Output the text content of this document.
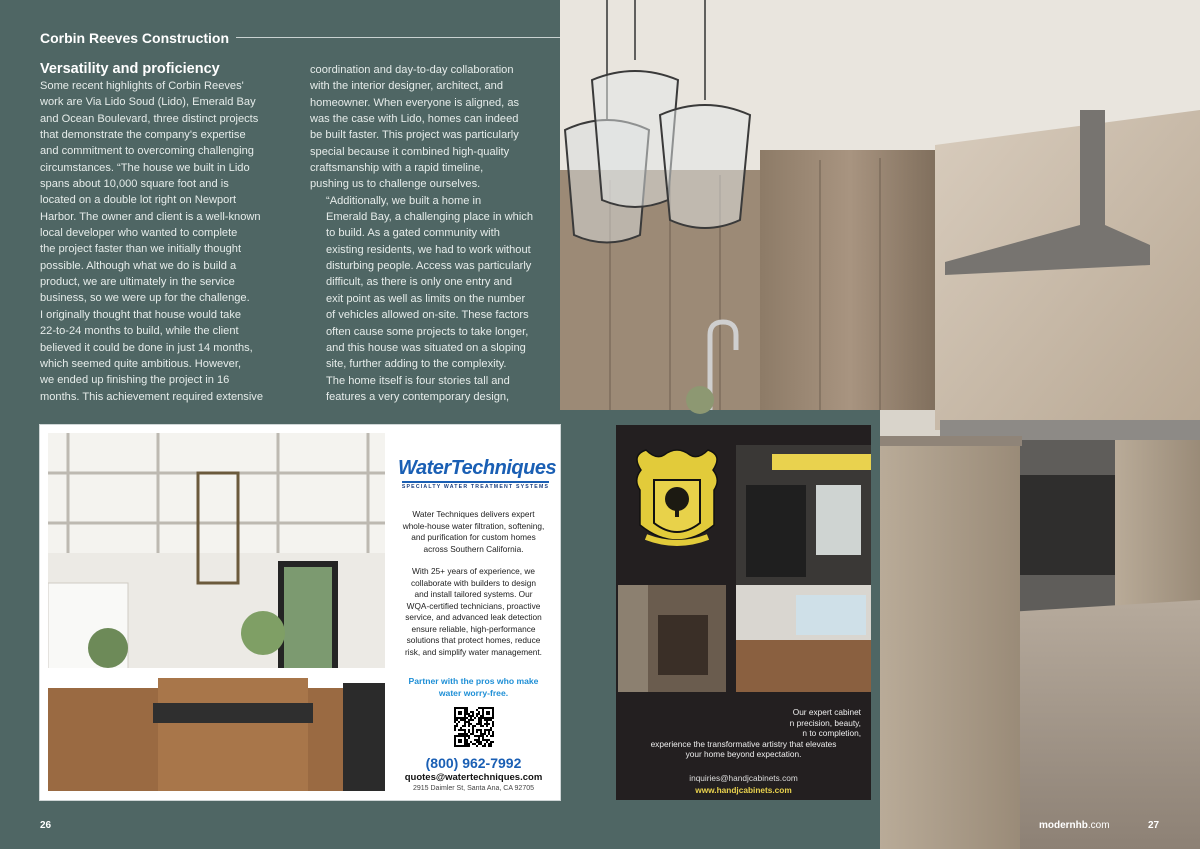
Corbin Reeves Construction
Versatility and proficiency
Some recent highlights of Corbin Reeves'
work are Via Lido Soud (Lido), Emerald Bay
and Ocean Boulevard, three distinct projects
that demonstrate the company's expertise
and commitment to overcoming challenging
circumstances. “The house we built in Lido
spans about 10,000 square foot and is
located on a double lot right on Newport
Harbor. The owner and client is a well-known
local developer who wanted to complete
the project faster than we initially thought
possible. Although what we do is build a
product, we are ultimately in the service
business, so we were up for the challenge.
I originally thought that house would take
22-to-24 months to build, while the client
believed it could be done in just 14 months,
which seemed quite ambitious. However,
we ended up finishing the project in 16
months. This achievement required extensive
coordination and day-to-day collaboration
with the interior designer, architect, and
homeowner. When everyone is aligned, as
was the case with Lido, homes can indeed
be built faster. This project was particularly
special because it combined high-quality
craftsmanship with a rapid timeline,
pushing us to challenge ourselves.
“Additionally, we built a home in
Emerald Bay, a challenging place in which
to build. As a gated community with
existing residents, we had to work without
disturbing people. Access was particularly
difficult, as there is only one entry and
exit point as well as limits on the number
of vehicles allowed on-site. These factors
often cause some projects to take longer,
and this house was situated on a sloping
site, further adding to the complexity.
The home itself is four stories tall and
features a very contemporary design,
WaterTechniques
SPECIALTY WATER TREATMENT SYSTEMS
Water Techniques delivers expert
whole-house water filtration, softening,
and purification for custom homes
across Southern California.
With 25+ years of experience, we
collaborate with builders to design
and install tailored systems. Our
WQA-certified technicians, proactive
service, and advanced leak detection
ensure reliable, high-performance
solutions that protect homes, reduce
risk, and simplify water management.
Partner with the pros who make
water worry-free.
(800) 962-7992
quotes@watertechniques.com
2915 Daimler St, Santa Ana, CA 92705
Our expert cabinet
n precision, beauty,
n to completion,
experience the transformative artistry that elevates
your home beyond expectation.
inquiries@handjcabinets.com
www.handjcabinets.com
26	modernhb.com	27
